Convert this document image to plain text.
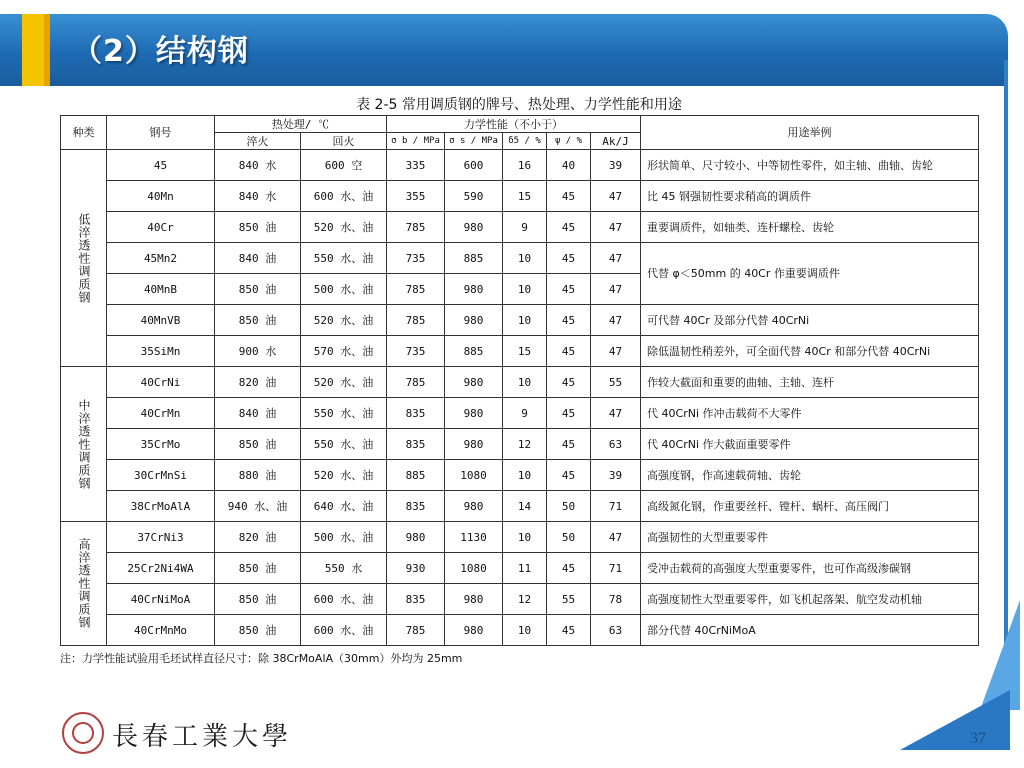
（2）结构钢
表 2-5 常用调质钢的牌号、热处理、力学性能和用途
种类	钢号	热处理/ ℃		力学性能（不小于）					用途举例
		淬火	回火	σ b / MPa	σ s / MPa	δ5 / %	ψ / %	Ak/J	
低淬透性调质钢	45	840 水	600 空	335	600	16	40	39	形状简单、尺寸较小、中等韧性零件，如主轴、曲轴、齿轮
	40Mn	840 水	600 水、油	355	590	15	45	47	比 45 钢强韧性要求稍高的调质件
	40Cr	850 油	520 水、油	785	980	9	45	47	重要调质件，如轴类、连杆螺栓、齿轮
	45Mn2	840 油	550 水、油	735	885	10	45	47	代替 φ＜50mm 的 40Cr 作重要调质件
	40MnB	850 油	500 水、油	785	980	10	45	47	
	40MnVB	850 油	520 水、油	785	980	10	45	47	可代替 40Cr 及部分代替 40CrNi
	35SiMn	900 水	570 水、油	735	885	15	45	47	除低温韧性稍差外，可全面代替 40Cr 和部分代替 40CrNi
中淬透性调质钢	40CrNi	820 油	520 水、油	785	980	10	45	55	作较大截面和重要的曲轴、主轴、连杆
	40CrMn	840 油	550 水、油	835	980	9	45	47	代 40CrNi 作冲击载荷不大零件
	35CrMo	850 油	550 水、油	835	980	12	45	63	代 40CrNi 作大截面重要零件
	30CrMnSi	880 油	520 水、油	885	1080	10	45	39	高强度钢，作高速载荷轴、齿轮
	38CrMoAlA	940 水、油	640 水、油	835	980	14	50	71	高级氮化钢，作重要丝杆、镗杆、蜗杆、高压阀门
高淬透性调质钢	37CrNi3	820 油	500 水、油	980	1130	10	50	47	高强韧性的大型重要零件
	25Cr2Ni4WA	850 油	550 水	930	1080	11	45	71	受冲击载荷的高强度大型重要零件，也可作高级渗碳钢
	40CrNiMoA	850 油	600 水、油	835	980	12	55	78	高强度韧性大型重要零件，如飞机起落架、航空发动机轴
	40CrMnMo	850 油	600 水、油	785	980	10	45	63	部分代替 40CrNiMoA
注：力学性能试验用毛坯试样直径尺寸：除 38CrMoAlA（30mm）外均为 25mm
長春工業大學	37
